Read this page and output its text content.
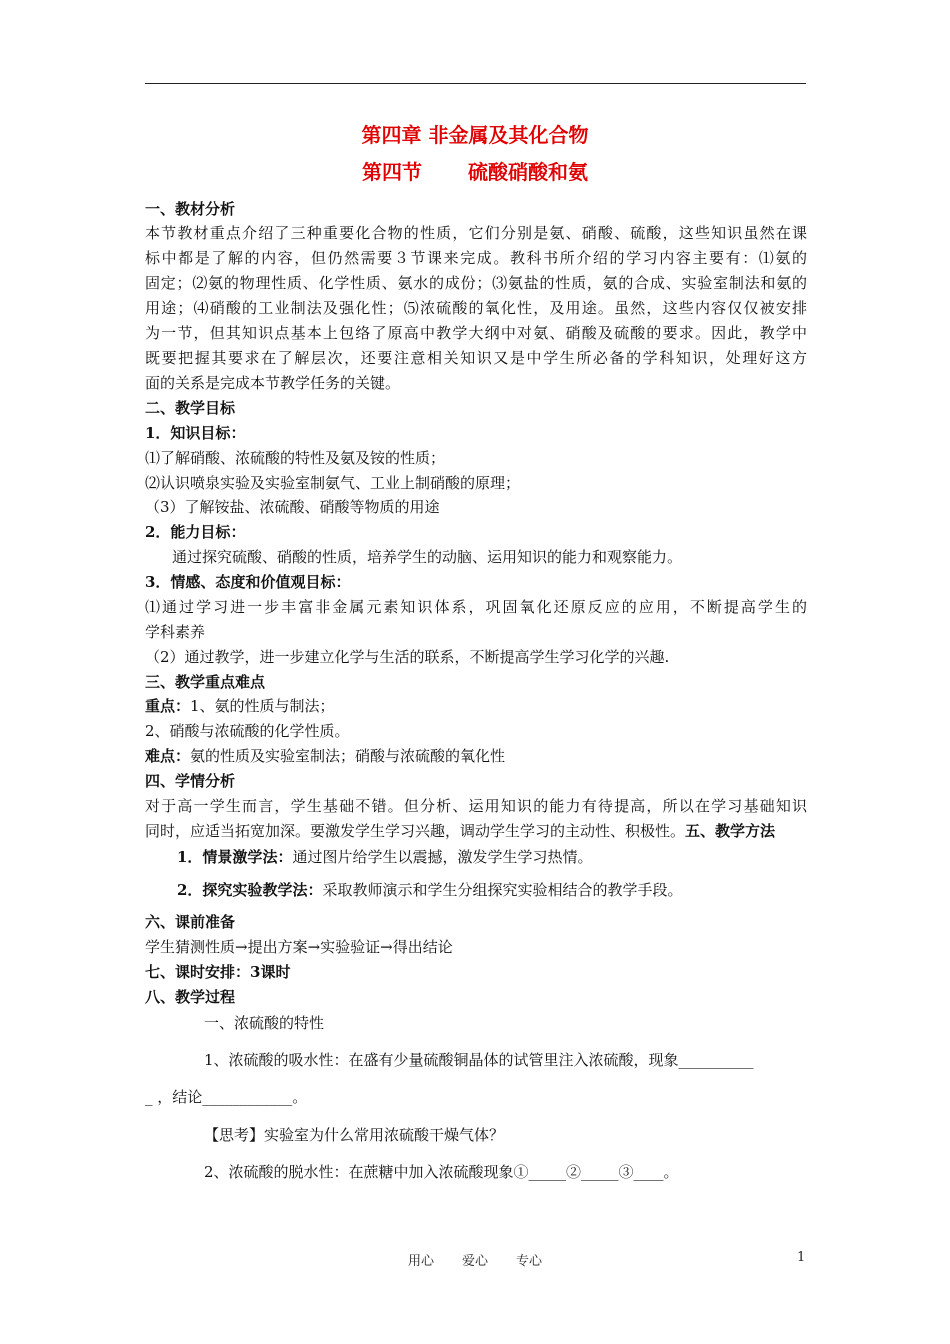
第四章 非金属及其化合物
第四节 硫酸硝酸和氨
一、教材分析
本节教材重点介绍了三种重要化合物的性质，它们分别是氨、硝酸、硫酸，这些知识虽然在课
标中都是了解的内容，但仍然需要３节课来完成。教科书所介绍的学习内容主要有：⑴氨的
固定；⑵氨的物理性质、化学性质、氨水的成份；⑶氨盐的性质，氨的合成、实验室制法和氨的
用途；⑷硝酸的工业制法及强化性；⑸浓硫酸的氧化性，及用途。虽然，这些内容仅仅被安排
为一节，但其知识点基本上包络了原高中教学大纲中对氨、硝酸及硫酸的要求。因此，教学中
既要把握其要求在了解层次，还要注意相关知识又是中学生所必备的学科知识，处理好这方
面的关系是完成本节教学任务的关键。
二、教学目标
1．知识目标：
⑴了解硝酸、浓硫酸的特性及氨及铵的性质；
⑵认识喷泉实验及实验室制氨气、工业上制硝酸的原理；
（3）了解铵盐、浓硫酸、硝酸等物质的用途
2．能力目标：
通过探究硫酸、硝酸的性质，培养学生的动脑、运用知识的能力和观察能力。
3．情感、态度和价值观目标：
⑴通过学习进一步丰富非金属元素知识体系，巩固氧化还原反应的应用，不断提高学生的
学科素养
（2）通过教学，进一步建立化学与生活的联系，不断提高学生学习化学的兴趣.
三、教学重点难点
重点：1、氨的性质与制法；
2、硝酸与浓硫酸的化学性质。
难点：氨的性质及实验室制法；硝酸与浓硫酸的氧化性
四、学情分析
对于高一学生而言，学生基础不错。但分析、运用知识的能力有待提高，所以在学习基础知识
同时，应适当拓宽加深。要激发学生学习兴趣，调动学生学习的主动性、积极性。五、教学方法
1．情景激学法：通过图片给学生以震撼，激发学生学习热情。
2．探究实验教学法：采取教师演示和学生分组探究实验相结合的教学手段。
六、课前准备
学生猜测性质→提出方案→实验验证→得出结论
七、课时安排：3课时
八、教学过程
一、浓硫酸的特性
1、浓硫酸的吸水性：在盛有少量硫酸铜晶体的试管里注入浓硫酸，现象__________
_ ，结论____________。
【思考】实验室为什么常用浓硫酸干燥气体？
2、浓硫酸的脱水性：在蔗糖中加入浓硫酸现象①_____②_____③____。
用心 爱心 专心	1
